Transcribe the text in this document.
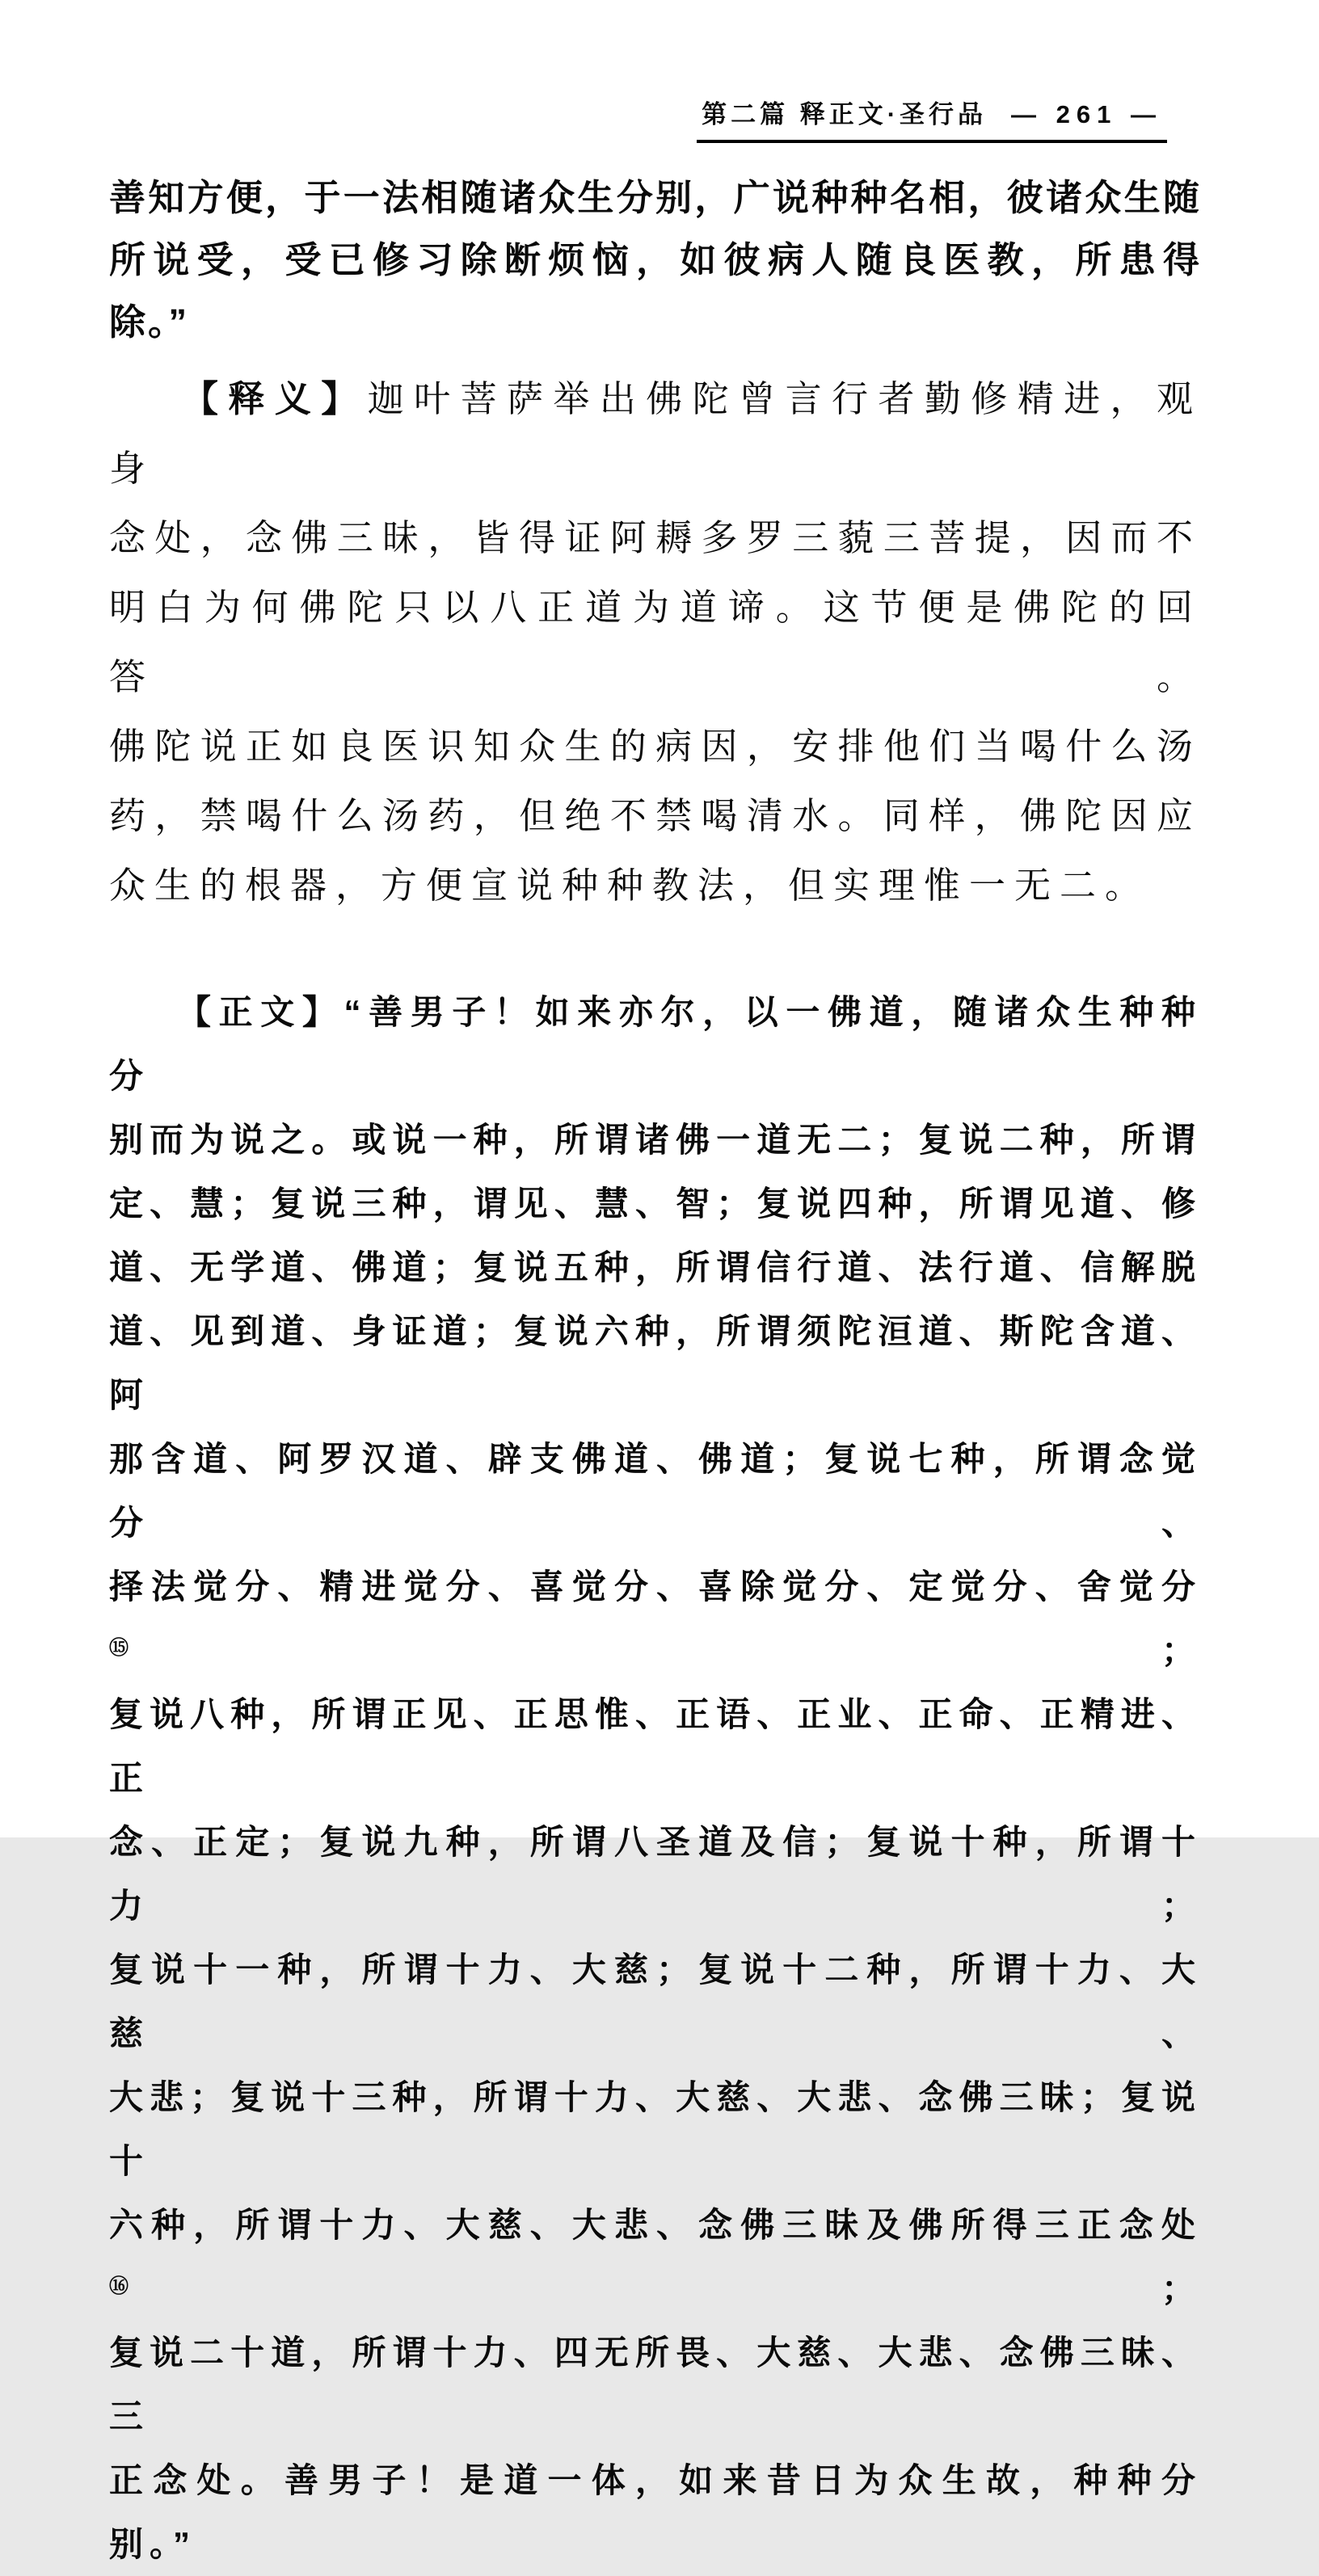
第二篇 释正文·圣行品 — 261 —
善知方便，于一法相随诸众生分别，广说种种名相，彼诸众生随
所说受，受已修习除断烦恼，如彼病人随良医教，所患得
除。”
【释义】迦叶菩萨举出佛陀曾言行者勤修精进，观身
念处，念佛三昧，皆得证阿耨多罗三藐三菩提，因而不
明白为何佛陀只以八正道为道谛。这节便是佛陀的回答。
佛陀说正如良医识知众生的病因，安排他们当喝什么汤
药，禁喝什么汤药，但绝不禁喝清水。同样，佛陀因应
众生的根器，方便宣说种种教法，但实理惟一无二。
【正文】“善男子！如来亦尔，以一佛道，随诸众生种种分
别而为说之。或说一种，所谓诸佛一道无二；复说二种，所谓
定、慧；复说三种，谓见、慧、智；复说四种，所谓见道、修
道、无学道、佛道；复说五种，所谓信行道、法行道、信解脱
道、见到道、身证道；复说六种，所谓须陀洹道、斯陀含道、阿
那含道、阿罗汉道、辟支佛道、佛道；复说七种，所谓念觉分、
择法觉分、精进觉分、喜觉分、喜除觉分、定觉分、舍觉分⑮；
复说八种，所谓正见、正思惟、正语、正业、正命、正精进、正
念、正定；复说九种，所谓八圣道及信；复说十种，所谓十力；
复说十一种，所谓十力、大慈；复说十二种，所谓十力、大慈、
大悲；复说十三种，所谓十力、大慈、大悲、念佛三昧；复说十
六种，所谓十力、大慈、大悲、念佛三昧及佛所得三正念处⑯；
复说二十道，所谓十力、四无所畏、大慈、大悲、念佛三昧、三
正念处。善男子！是道一体，如来昔日为众生故，种种分别。”
